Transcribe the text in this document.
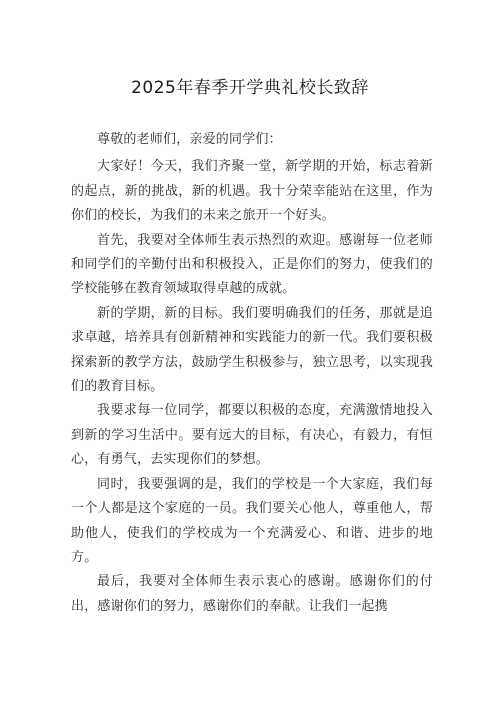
2025年春季开学典礼校长致辞

尊敬的老师们，亲爱的同学们：

大家好！今天，我们齐聚一堂，新学期的开始，标志着新的起点，新的挑战，新的机遇。我十分荣幸能站在这里，作为你们的校长，为我们的未来之旅开一个好头。

首先，我要对全体师生表示热烈的欢迎。感谢每一位老师和同学们的辛勤付出和积极投入，正是你们的努力，使我们的学校能够在教育领域取得卓越的成就。

新的学期，新的目标。我们要明确我们的任务，那就是追求卓越，培养具有创新精神和实践能力的新一代。我们要积极探索新的教学方法，鼓励学生积极参与，独立思考，以实现我们的教育目标。

我要求每一位同学，都要以积极的态度，充满激情地投入到新的学习生活中。要有远大的目标，有决心，有毅力，有恒心，有勇气，去实现你们的梦想。

同时，我要强调的是，我们的学校是一个大家庭，我们每一个人都是这个家庭的一员。我们要关心他人，尊重他人，帮助他人，使我们的学校成为一个充满爱心、和谐、进步的地方。

最后，我要对全体师生表示衷心的感谢。感谢你们的付出，感谢你们的努力，感谢你们的奉献。让我们一起携
